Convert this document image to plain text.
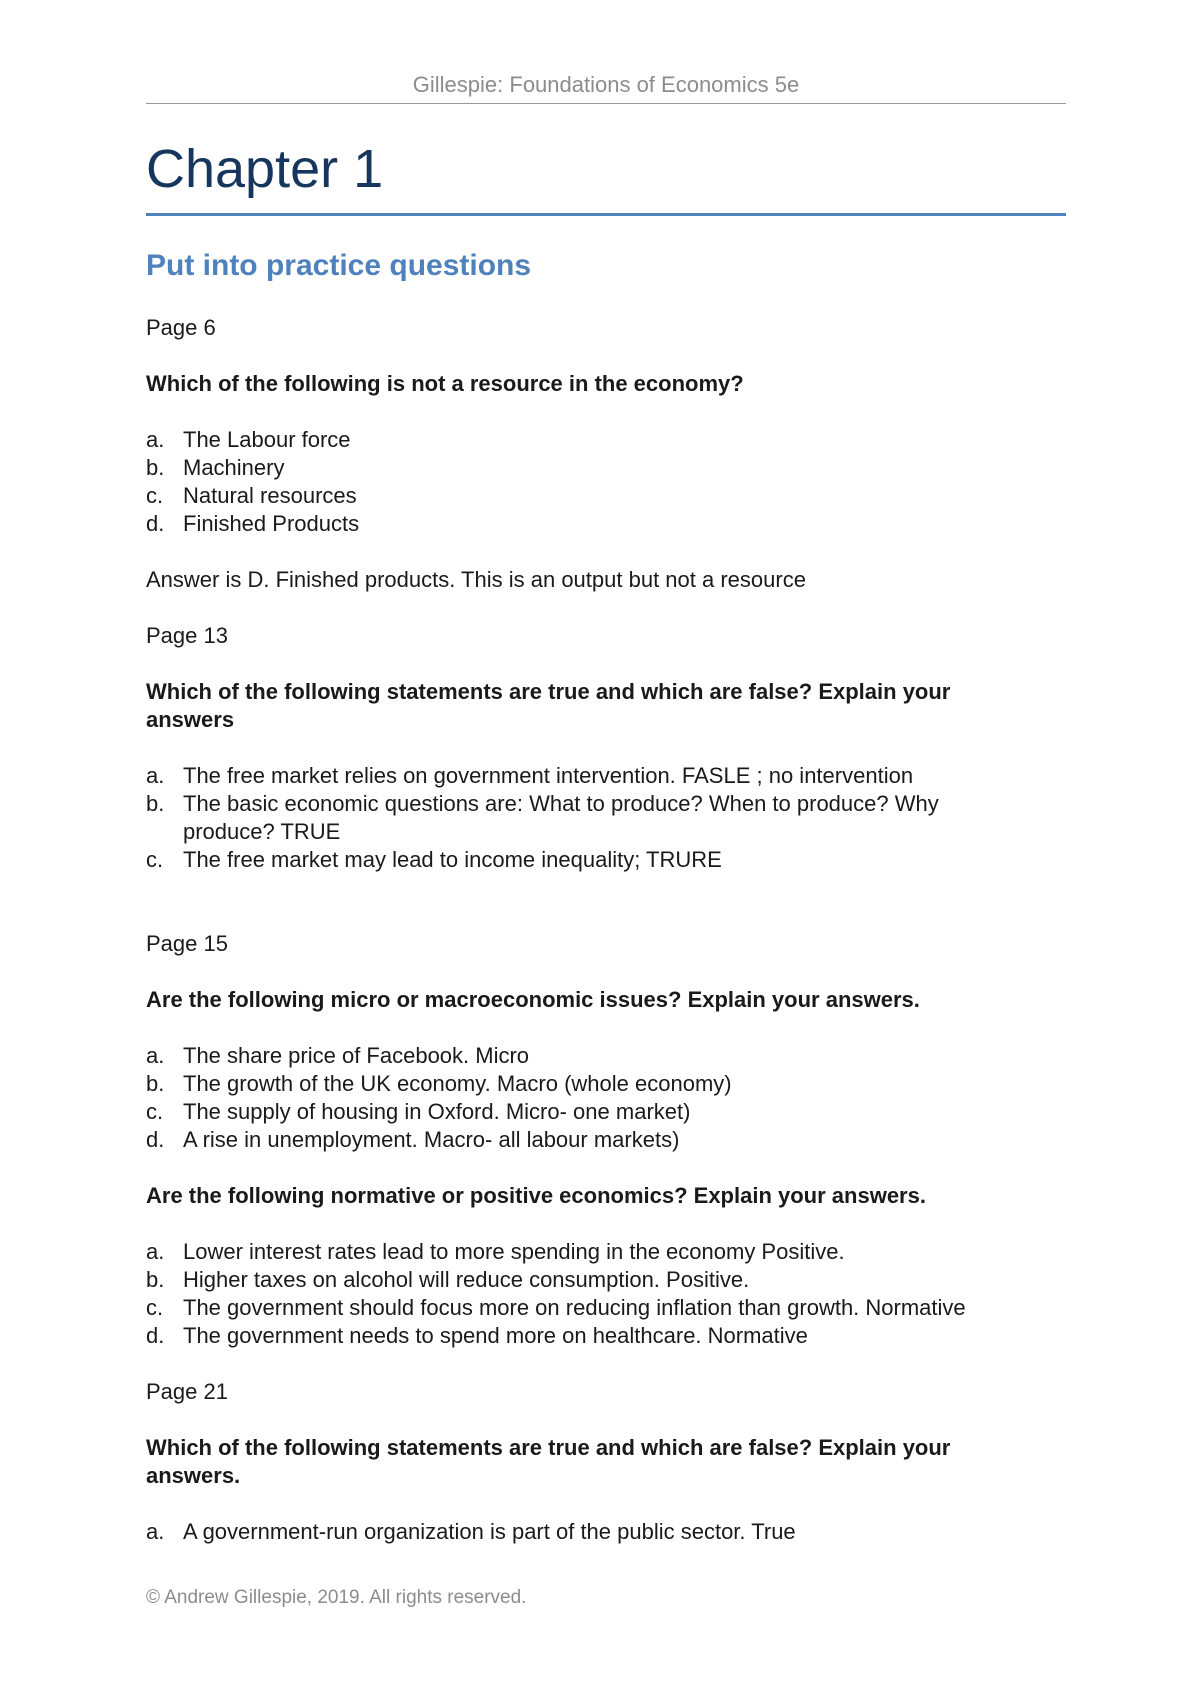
Gillespie: Foundations of Economics 5e
Chapter 1
Put into practice questions

Page 6

Which of the following is not a resource in the economy?

a. The Labour force
b. Machinery
c. Natural resources
d. Finished Products

Answer is D. Finished products. This is an output but not a resource

Page 13

Which of the following statements are true and which are false? Explain your

answers

a. The free market relies on government intervention. FASLE ; no intervention
b. The basic economic questions are: What to produce? When to produce? Why
produce? TRUE
c. The free market may lead to income inequality; TRURE

Page 15

Are the following micro or macroeconomic issues? Explain your answers.

a. The share price of Facebook. Micro
b. The growth of the UK economy. Macro (whole economy)
c. The supply of housing in Oxford. Micro- one market)
d. A rise in unemployment. Macro- all labour markets)

Are the following normative or positive economics? Explain your answers.

a. Lower interest rates lead to more spending in the economy Positive.
b. Higher taxes on alcohol will reduce consumption. Positive.
c. The government should focus more on reducing inflation than growth. Normative
d. The government needs to spend more on healthcare. Normative

Page 21

Which of the following statements are true and which are false? Explain your

answers.

a. A government-run organization is part of the public sector. True
© Andrew Gillespie, 2019. All rights reserved.
